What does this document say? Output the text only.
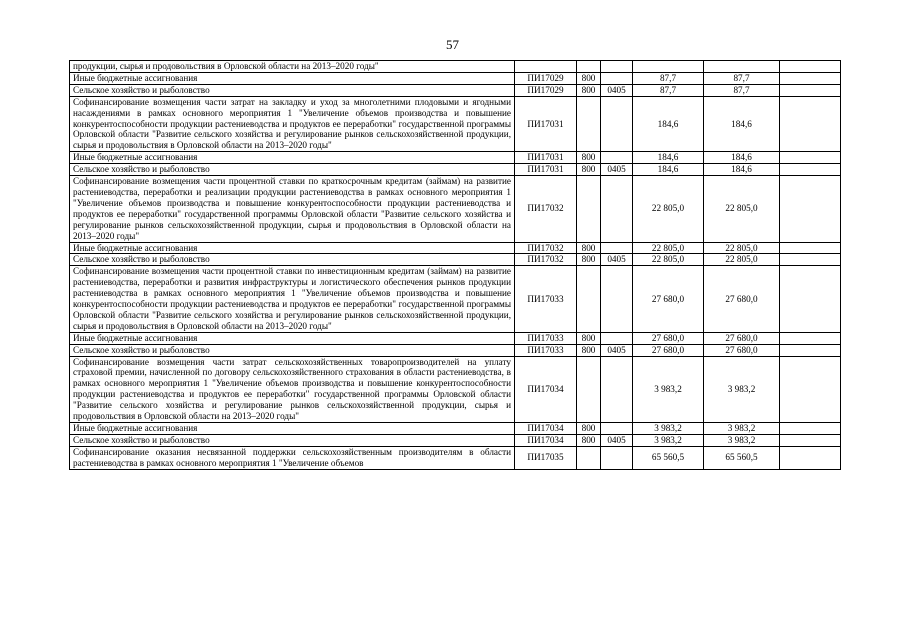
57
продукции, сырья и продовольствия в Орловской области на 2013–2020 годы"						
Иные бюджетные ассигнования	ПИ17029	800		87,7	87,7	
Сельское хозяйство и рыболовство	ПИ17029	800	0405	87,7	87,7	
Софинансирование возмещения части затрат на закладку и уход за многолетними плодовыми и ягодными насаждениями в рамках основного мероприятия 1 "Увеличение объемов производства и повышение конкурентоспособности продукции растениеводства и продуктов ее переработки" государственной программы Орловской области "Развитие сельского хозяйства и регулирование рынков сельскохозяйственной продукции, сырья и продовольствия в Орловской области на 2013–2020 годы"	ПИ17031			184,6	184,6	
Иные бюджетные ассигнования	ПИ17031	800		184,6	184,6	
Сельское хозяйство и рыболовство	ПИ17031	800	0405	184,6	184,6	
Софинансирование возмещения части процентной ставки по краткосрочным кредитам (займам) на развитие растениеводства, переработки и реализации продукции растениеводства в рамках основного мероприятия 1 "Увеличение объемов производства и повышение конкурентоспособности продукции растениеводства и продуктов ее переработки" государственной программы Орловской области "Развитие сельского хозяйства и регулирование рынков сельскохозяйственной продукции, сырья и продовольствия в Орловской области на 2013–2020 годы"	ПИ17032			22 805,0	22 805,0	
Иные бюджетные ассигнования	ПИ17032	800		22 805,0	22 805,0	
Сельское хозяйство и рыболовство	ПИ17032	800	0405	22 805,0	22 805,0	
Софинансирование возмещения части процентной ставки по инвестиционным кредитам (займам) на развитие растениеводства, переработки и развития инфраструктуры и логистического обеспечения рынков продукции растениеводства в рамках основного мероприятия 1 "Увеличение объемов производства и повышение конкурентоспособности продукции растениеводства и продуктов ее переработки" государственной программы Орловской области "Развитие сельского хозяйства и регулирование рынков сельскохозяйственной продукции, сырья и продовольствия в Орловской области на 2013–2020 годы"	ПИ17033			27 680,0	27 680,0	
Иные бюджетные ассигнования	ПИ17033	800		27 680,0	27 680,0	
Сельское хозяйство и рыболовство	ПИ17033	800	0405	27 680,0	27 680,0	
Софинансирование возмещения части затрат сельскохозяйственных товаропроизводителей на уплату страховой премии, начисленной по договору сельскохозяйственного страхования в области растениеводства, в рамках основного мероприятия 1 "Увеличение объемов производства и повышение конкурентоспособности продукции растениеводства и продуктов ее переработки" государственной программы Орловской области "Развитие сельского хозяйства и регулирование рынков сельскохозяйственной продукции, сырья и продовольствия в Орловской области на 2013–2020 годы"	ПИ17034			3 983,2	3 983,2	
Иные бюджетные ассигнования	ПИ17034	800		3 983,2	3 983,2	
Сельское хозяйство и рыболовство	ПИ17034	800	0405	3 983,2	3 983,2	
Софинансирование оказания несвязанной поддержки сельскохозяйственным производителям в области растениеводства в рамках основного мероприятия 1 "Увеличение объемов	ПИ17035			65 560,5	65 560,5	
